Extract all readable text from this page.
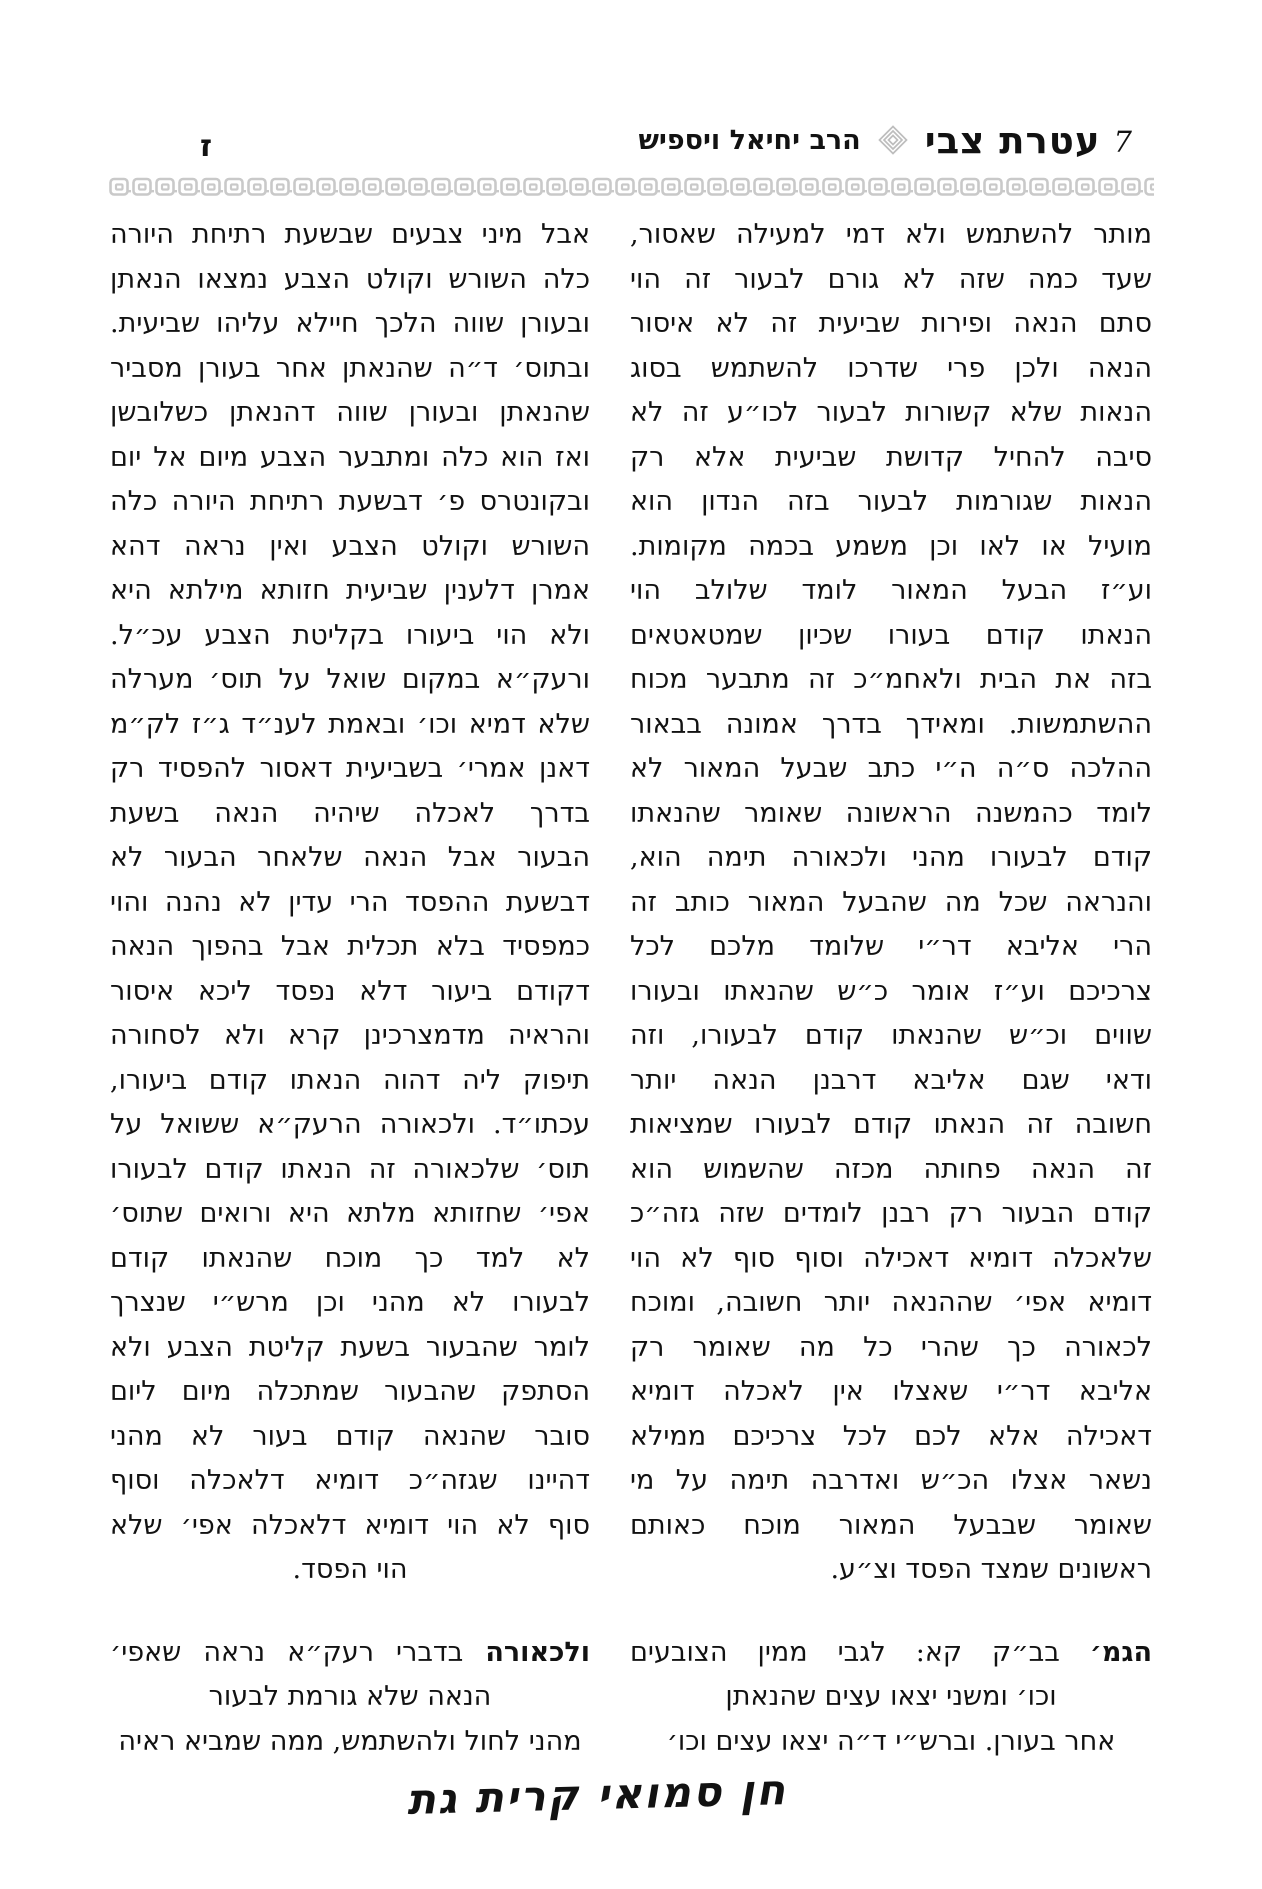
ז	7
עטרת צבי
הרב יחיאל ויספיש
מותר להשתמש ולא דמי למעילה שאסור,
שעד כמה שזה לא גורם לבעור זה הוי
סתם הנאה ופירות שביעית זה לא איסור
הנאה ולכן פרי שדרכו להשתמש בסוג
הנאות שלא קשורות לבעור לכו״ע זה לא
סיבה להחיל קדושת שביעית אלא רק
הנאות שגורמות לבעור בזה הנדון הוא
מועיל או לאו וכן משמע בכמה מקומות.
וע״ז הבעל המאור לומד שלולב הוי
הנאתו קודם בעורו שכיון שמטאטאים
בזה את הבית ולאחמ״כ זה מתבער מכוח
ההשתמשות. ומאידך בדרך אמונה בבאור
ההלכה ס״ה ה״י כתב שבעל המאור לא
לומד כהמשנה הראשונה שאומר שהנאתו
קודם לבעורו מהני ולכאורה תימה הוא,
והנראה שכל מה שהבעל המאור כותב זה
הרי אליבא דר״י שלומד מלכם לכל
צרכיכם וע״ז אומר כ״ש שהנאתו ובעורו
שווים וכ״ש שהנאתו קודם לבעורו, וזה
ודאי שגם אליבא דרבנן הנאה יותר
חשובה זה הנאתו קודם לבעורו שמציאות
זה הנאה פחותה מכזה שהשמוש הוא
קודם הבעור רק רבנן לומדים שזה גזה״כ
שלאכלה דומיא דאכילה וסוף סוף לא הוי
דומיא אפי׳ שההנאה יותר חשובה, ומוכח
לכאורה כך שהרי כל מה שאומר רק
אליבא דר״י שאצלו אין לאכלה דומיא
דאכילה אלא לכם לכל צרכיכם ממילא
נשאר אצלו הכ״ש ואדרבה תימה על מי
שאומר שבבעל המאור מוכח כאותם
ראשונים שמצד הפסד וצ״ע.
הגמ׳ בב״ק קא: לגבי ממין הצובעים
וכו׳ ומשני יצאו עצים שהנאתן
אחר בעורן. וברש״י ד״ה יצאו עצים וכו׳
אבל מיני צבעים שבשעת רתיחת היורה
כלה השורש וקולט הצבע נמצאו הנאתן
ובעורן שווה הלכך חיילא עליהו שביעית.
ובתוס׳ ד״ה שהנאתן אחר בעורן מסביר
שהנאתן ובעורן שווה דהנאתן כשלובשן
ואז הוא כלה ומתבער הצבע מיום אל יום
ובקונטרס פ׳ דבשעת רתיחת היורה כלה
השורש וקולט הצבע ואין נראה דהא
אמרן דלענין שביעית חזותא מילתא היא
ולא הוי ביעורו בקליטת הצבע עכ״ל.
ורעק״א במקום שואל על תוס׳ מערלה
שלא דמיא וכו׳ ובאמת לענ״ד ג״ז לק״מ
דאנן אמרי׳ בשביעית דאסור להפסיד רק
בדרך לאכלה שיהיה הנאה בשעת
הבעור אבל הנאה שלאחר הבעור לא
דבשעת ההפסד הרי עדין לא נהנה והוי
כמפסיד בלא תכלית אבל בהפוך הנאה
דקודם ביעור דלא נפסד ליכא איסור
והראיה מדמצרכינן קרא ולא לסחורה
תיפוק ליה דהוה הנאתו קודם ביעורו,
עכתו״ד. ולכאורה הרעק״א ששואל על
תוס׳ שלכאורה זה הנאתו קודם לבעורו
אפי׳ שחזותא מלתא היא ורואים שתוס׳
לא למד כך מוכח שהנאתו קודם
לבעורו לא מהני וכן מרש״י שנצרך
לומר שהבעור בשעת קליטת הצבע ולא
הסתפק שהבעור שמתכלה מיום ליום
סובר שהנאה קודם בעור לא מהני
דהיינו שגזה״כ דומיא דלאכלה וסוף
סוף לא הוי דומיא דלאכלה אפי׳ שלא
הוי הפסד.
ולכאורה בדברי רעק״א נראה שאפי׳
הנאה שלא גורמת לבעור
מהני לחול ולהשתמש, ממה שמביא ראיה
חן סמואי קרית גת
